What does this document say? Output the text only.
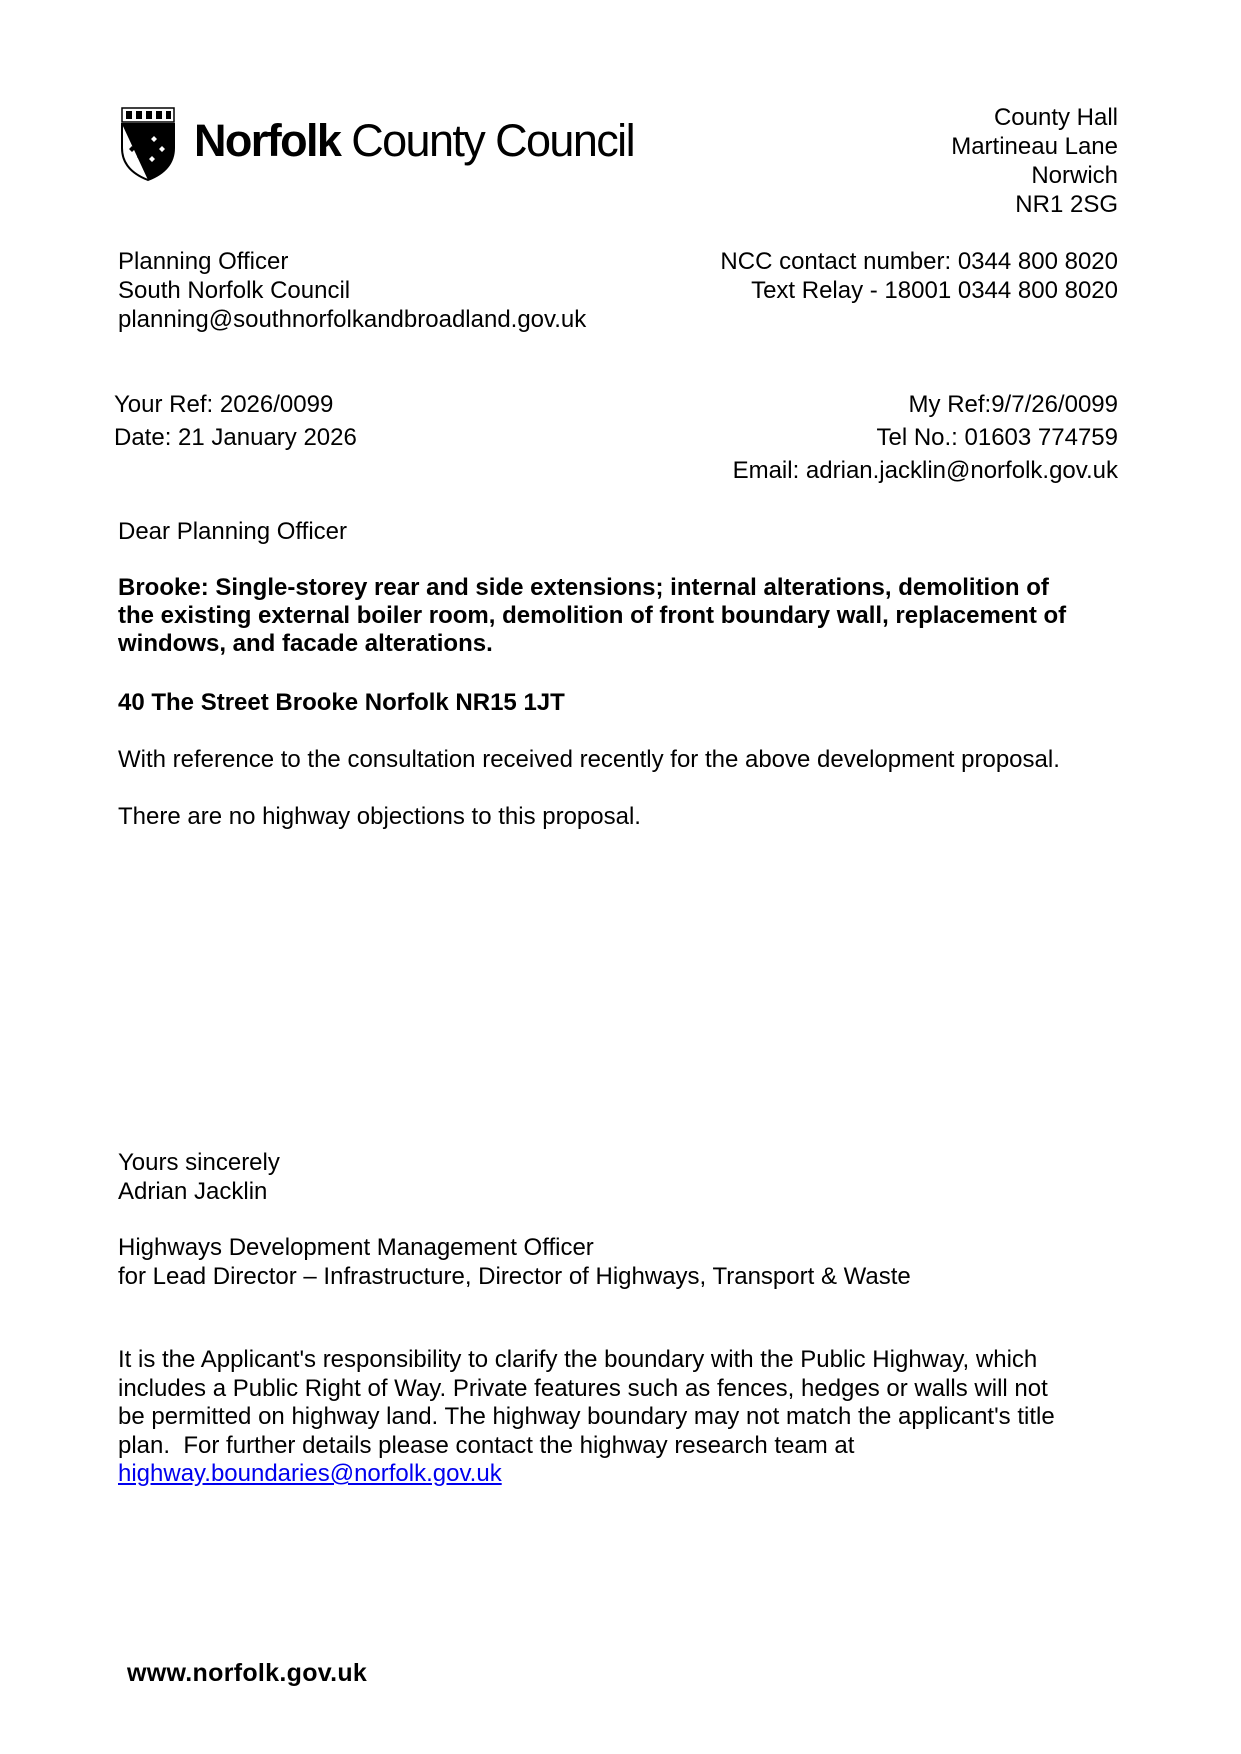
Norfolk County Council	County Hall
Martineau Lane
Norwich
NR1 2SG
Planning Officer
South Norfolk Council
planning@southnorfolkandbroadland.gov.uk
NCC contact number: 0344 800 8020
Text Relay - 18001 0344 800 8020
Your Ref: 2026/0099
Date: 21 January 2026
My Ref:9/7/26/0099
Tel No.: 01603 774759
Email: adrian.jacklin@norfolk.gov.uk
Dear Planning Officer
Brooke: Single-storey rear and side extensions; internal alterations, demolition of
the existing external boiler room, demolition of front boundary wall, replacement of
windows, and facade alterations.
40 The Street Brooke Norfolk NR15 1JT
With reference to the consultation received recently for the above development proposal.
There are no highway objections to this proposal.
Yours sincerely
Adrian Jacklin
Highways Development Management Officer
for Lead Director – Infrastructure, Director of Highways, Transport & Waste
It is the Applicant's responsibility to clarify the boundary with the Public Highway, which
includes a Public Right of Way. Private features such as fences, hedges or walls will not
be permitted on highway land. The highway boundary may not match the applicant's title
plan.  For further details please contact the highway research team at
highway.boundaries@norfolk.gov.uk
www.norfolk.gov.uk
